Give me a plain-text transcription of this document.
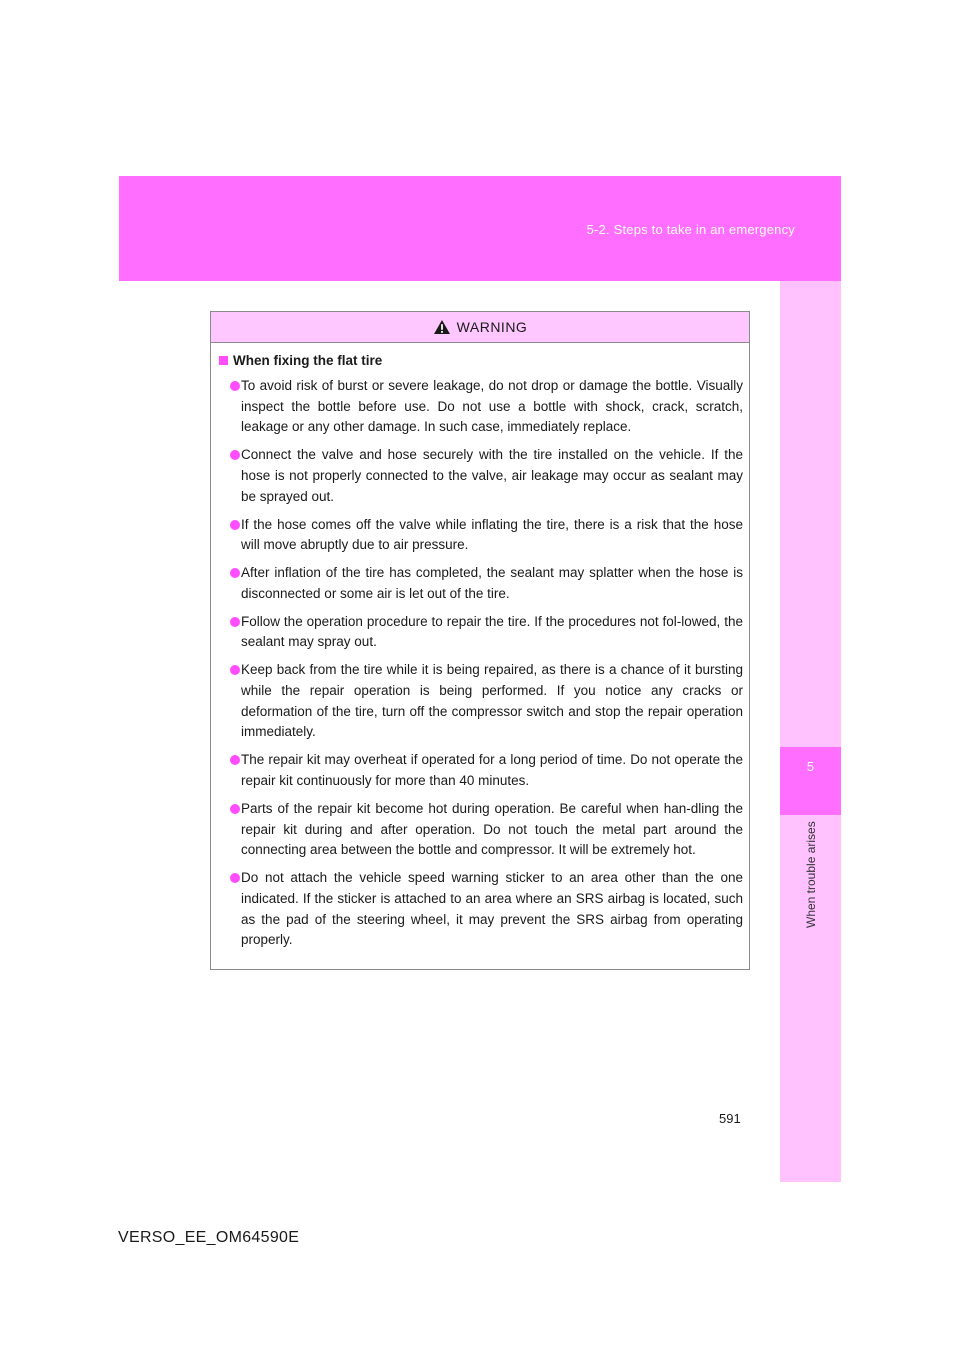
5-2. Steps to take in an emergency
5
When trouble arises
WARNING
When fixing the flat tire
To avoid risk of burst or severe leakage, do not drop or damage the bottle. Visually inspect the bottle before use. Do not use a bottle with shock, crack, scratch, leakage or any other damage. In such case, immediately replace.
Connect the valve and hose securely with the tire installed on the vehicle. If the hose is not properly connected to the valve, air leakage may occur as sealant may be sprayed out.
If the hose comes off the valve while inflating the tire, there is a risk that the hose will move abruptly due to air pressure.
After inflation of the tire has completed, the sealant may splatter when the hose is disconnected or some air is let out of the tire.
Follow the operation procedure to repair the tire. If the procedures not fol-lowed, the sealant may spray out.
Keep back from the tire while it is being repaired, as there is a chance of it bursting while the repair operation is being performed. If you notice any cracks or deformation of the tire, turn off the compressor switch and stop the repair operation immediately.
The repair kit may overheat if operated for a long period of time. Do not operate the repair kit continuously for more than 40 minutes.
Parts of the repair kit become hot during operation. Be careful when han-dling the repair kit during and after operation. Do not touch the metal part around the connecting area between the bottle and compressor. It will be extremely hot.
Do not attach the vehicle speed warning sticker to an area other than the one indicated. If the sticker is attached to an area where an SRS airbag is located, such as the pad of the steering wheel, it may prevent the SRS airbag from operating properly.
591
VERSO_EE_OM64590E
